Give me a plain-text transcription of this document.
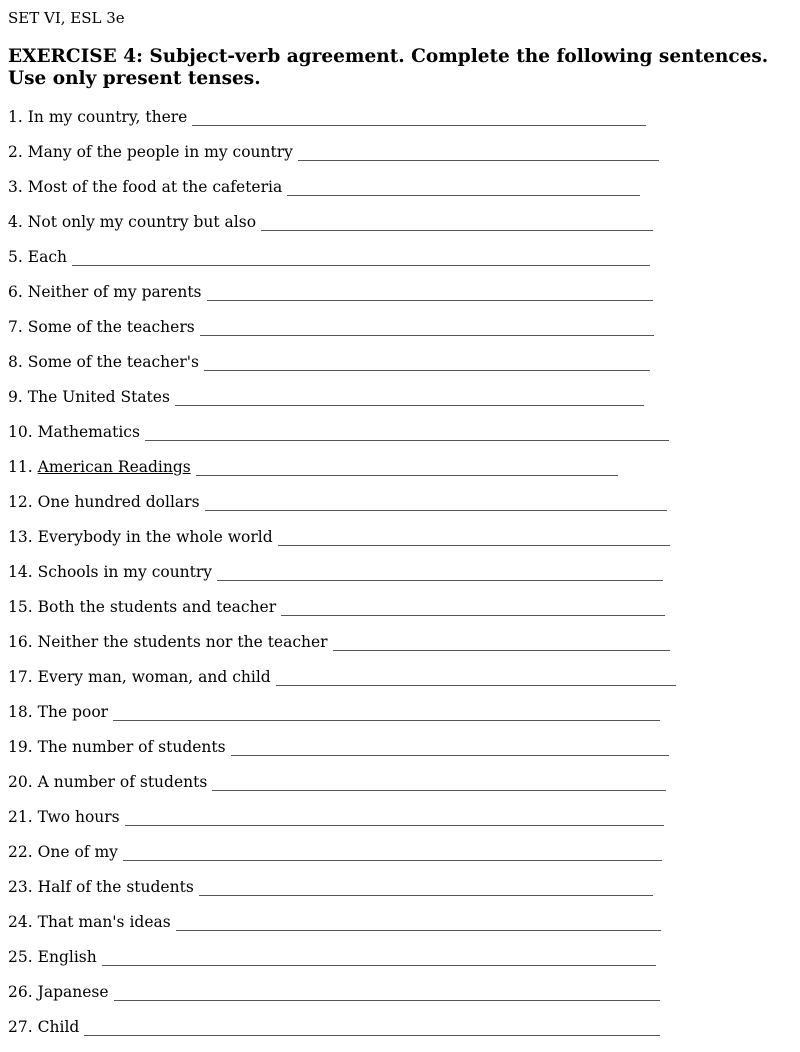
SET VI, ESL 3e
EXERCISE 4: Subject-verb agreement. Complete the following sentences.
Use only present tenses.
1. In my country, there
2. Many of the people in my country
3. Most of the food at the cafeteria
4. Not only my country but also
5. Each
6. Neither of my parents
7. Some of the teachers
8. Some of the teacher's
9. The United States
10. Mathematics
11. American Readings
12. One hundred dollars
13. Everybody in the whole world
14. Schools in my country
15. Both the students and teacher
16. Neither the students nor the teacher
17. Every man, woman, and child
18. The poor
19. The number of students
20. A number of students
21. Two hours
22. One of my
23. Half of the students
24. That man's ideas
25. English
26. Japanese
27. Child
